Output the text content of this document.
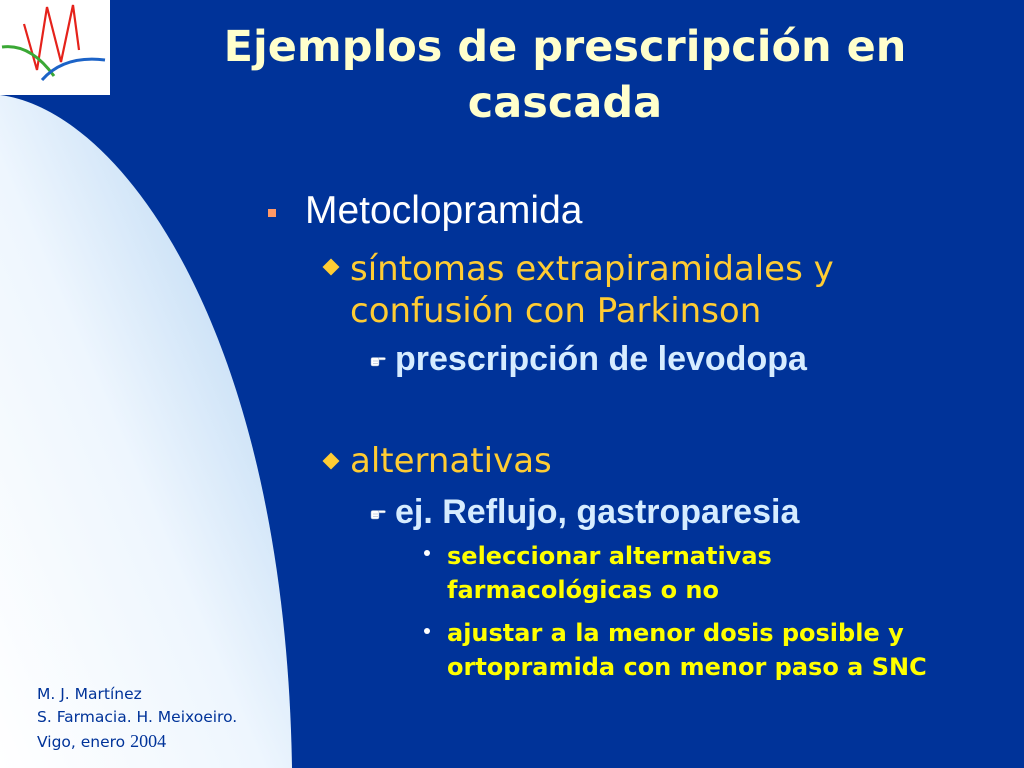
Ejemplos de prescripción en
cascada
Metoclopramida
síntomas extrapiramidales y
confusión con Parkinson
prescripción de levodopa
alternativas
ej. Reflujo, gastroparesia
seleccionar alternativas
farmacológicas o no
ajustar a la menor dosis posible y
ortopramida con menor paso a SNC
M. J. Martínez
S. Farmacia. H. Meixoeiro.
Vigo, enero 2004
